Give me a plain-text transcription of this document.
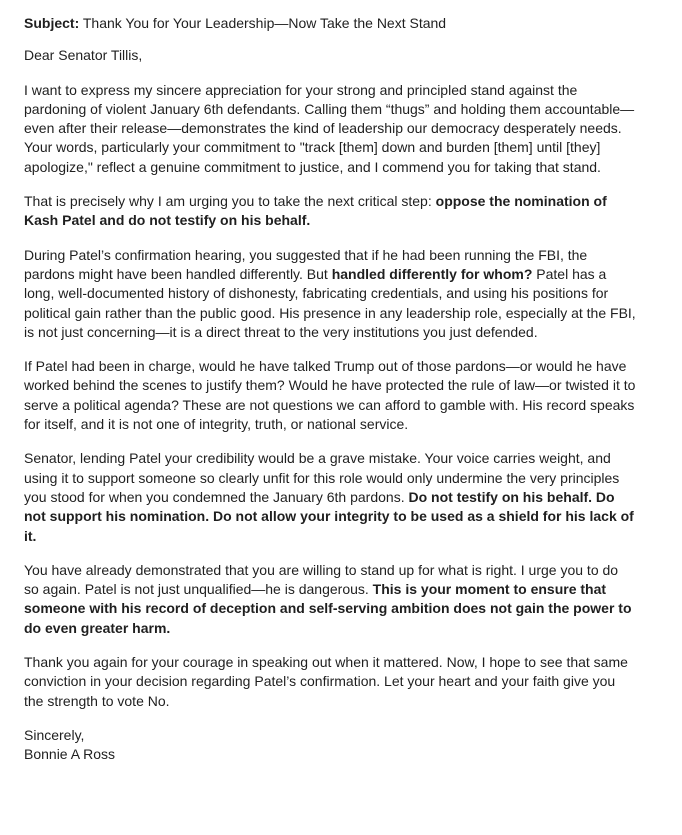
Subject: Thank You for Your Leadership—Now Take the Next Stand

Dear Senator Tillis,

I want to express my sincere appreciation for your strong and principled stand against the pardoning of violent January 6th defendants. Calling them “thugs” and holding them accountable—even after their release—demonstrates the kind of leadership our democracy desperately needs. Your words, particularly your commitment to "track [them] down and burden [them] until [they] apologize," reflect a genuine commitment to justice, and I commend you for taking that stand.

That is precisely why I am urging you to take the next critical step: oppose the nomination of Kash Patel and do not testify on his behalf.

During Patel’s confirmation hearing, you suggested that if he had been running the FBI, the pardons might have been handled differently. But handled differently for whom? Patel has a long, well-documented history of dishonesty, fabricating credentials, and using his positions for political gain rather than the public good. His presence in any leadership role, especially at the FBI, is not just concerning—it is a direct threat to the very institutions you just defended.

If Patel had been in charge, would he have talked Trump out of those pardons—or would he have worked behind the scenes to justify them? Would he have protected the rule of law—or twisted it to serve a political agenda? These are not questions we can afford to gamble with. His record speaks for itself, and it is not one of integrity, truth, or national service.

Senator, lending Patel your credibility would be a grave mistake. Your voice carries weight, and using it to support someone so clearly unfit for this role would only undermine the very principles you stood for when you condemned the January 6th pardons. Do not testify on his behalf. Do not support his nomination. Do not allow your integrity to be used as a shield for his lack of it.

You have already demonstrated that you are willing to stand up for what is right. I urge you to do so again. Patel is not just unqualified—he is dangerous. This is your moment to ensure that someone with his record of deception and self-serving ambition does not gain the power to do even greater harm.

Thank you again for your courage in speaking out when it mattered. Now, I hope to see that same conviction in your decision regarding Patel’s confirmation. Let your heart and your faith give you the strength to vote No.

Sincerely,
Bonnie A Ross
